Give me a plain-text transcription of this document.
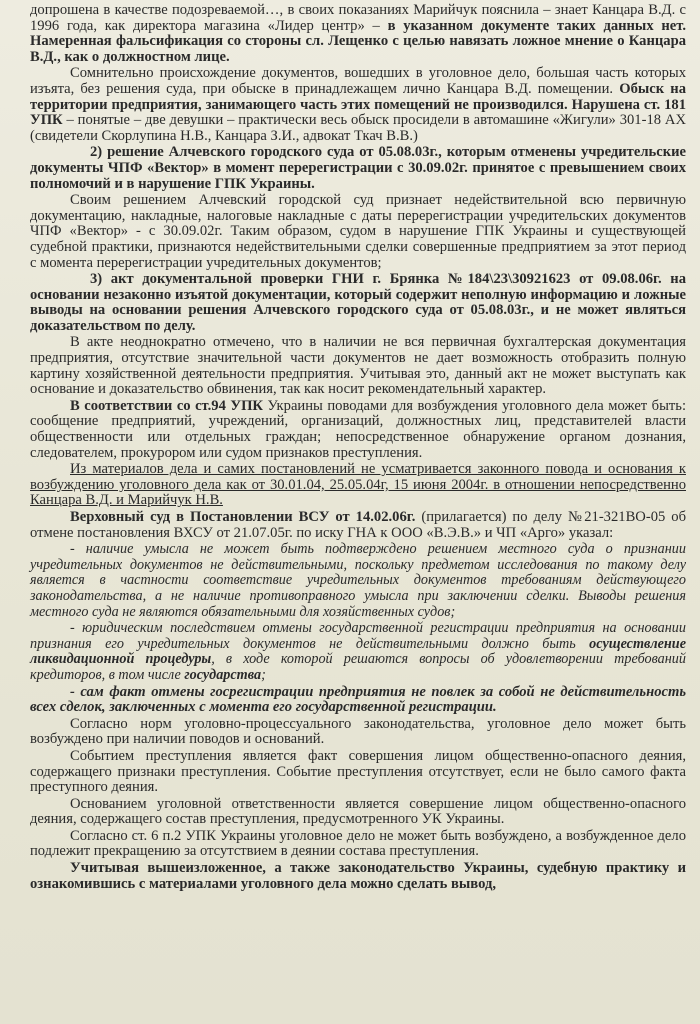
допрошена в качестве подозреваемой…, в своих показаниях Марийчук пояснила – знает Канцара В.Д. с 1996 года, как директора магазина «Лидер центр» – в указанном документе таких данных нет. Намеренная фальсификация со стороны сл. Лещенко с целью навязать ложное мнение о Канцара В.Д., как о должностном лице.

Сомнительно происхождение документов, вошедших в уголовное дело, большая часть которых изъята, без решения суда, при обыске в принадлежащем лично Канцара В.Д. помещении. Обыск на территории предприятия, занимающего часть этих помещений не производился. Нарушена ст. 181 УПК – понятые – две девушки – практически весь обыск просидели в автомашине «Жигули» 301-18 АХ (свидетели Скорлупина Н.В., Канцара З.И., адвокат Ткач В.В.)

2) решение Алчевского городского суда от 05.08.03г., которым отменены учредительские документы ЧПФ «Вектор» в момент перерегистрации с 30.09.02г. принятое с превышением своих полномочий и в нарушение ГПК Украины.

Своим решением Алчевский городской суд признает недействительной всю первичную документацию, накладные, налоговые накладные с даты перерегистрации учредительских документов ЧПФ «Вектор» - с 30.09.02г. Таким образом, судом в нарушение ГПК Украины и существующей судебной практики, признаются недействительными сделки совершенные предприятием за этот период с момента перерегистрации учредительных документов;

3) акт документальной проверки ГНИ г. Брянка №184\23\30921623 от 09.08.06г. на основании незаконно изъятой документации, который содержит неполную информацию и ложные выводы на основании решения Алчевского городского суда от 05.08.03г., и не может являться доказательством по делу.

В акте неоднократно отмечено, что в наличии не вся первичная бухгалтерская документация предприятия, отсутствие значительной части документов не дает возможность отобразить полную картину хозяйственной деятельности предприятия. Учитывая это, данный акт не может выступать как основание и доказательство обвинения, так как носит рекомендательный характер.

В соответствии со ст.94 УПК Украины поводами для возбуждения уголовного дела может быть: сообщение предприятий, учреждений, организаций, должностных лиц, представителей власти общественности или отдельных граждан; непосредственное обнаружение органом дознания, следователем, прокурором или судом признаков преступления.

Из материалов дела и самих постановлений не усматривается законного повода и основания к возбуждению уголовного дела как от 30.01.04, 25.05.04г, 15 июня 2004г. в отношении непосредственно Канцара В.Д. и Марийчук Н.В.

Верховный суд в Постановлении ВСУ от 14.02.06г. (прилагается) по делу №21-321ВО-05 об отмене постановления ВХСУ от 21.07.05г. по иску ГНА к ООО «В.Э.В.» и ЧП «Арго» указал:

- наличие умысла не может быть подтверждено решением местного суда о признании учредительных документов не действительными, поскольку предметом исследования по такому делу является в частности соответствие учредительных документов требованиям действующего законодательства, а не наличие противоправного умысла при заключении сделки. Выводы решения местного суда не являются обязательными для хозяйственных судов;

- юридическим последствием отмены государственной регистрации предприятия на основании признания его учредительных документов не действительными должно быть осуществление ликвидационной процедуры, в ходе которой решаются вопросы об удовлетворении требований кредиторов, в том числе государства;

- сам факт отмены госрегистрации предприятия не повлек за собой не действительность всех сделок, заключенных с момента его государственной регистрации.

Согласно норм уголовно-процессуального законодательства, уголовное дело может быть возбуждено при наличии поводов и оснований.

Событием преступления является факт совершения лицом общественно-опасного деяния, содержащего признаки преступления. Событие преступления отсутствует, если не было самого факта преступного деяния.

Основанием уголовной ответственности является совершение лицом общественно-опасного деяния, содержащего состав преступления, предусмотренного УК Украины.

Согласно ст. 6 п.2 УПК Украины уголовное дело не может быть возбуждено, а возбужденное дело подлежит прекращению за отсутствием в деянии состава преступления.

Учитывая вышеизложенное, а также законодательство Украины, судебную практику и ознакомившись с материалами уголовного дела можно сделать вывод,
